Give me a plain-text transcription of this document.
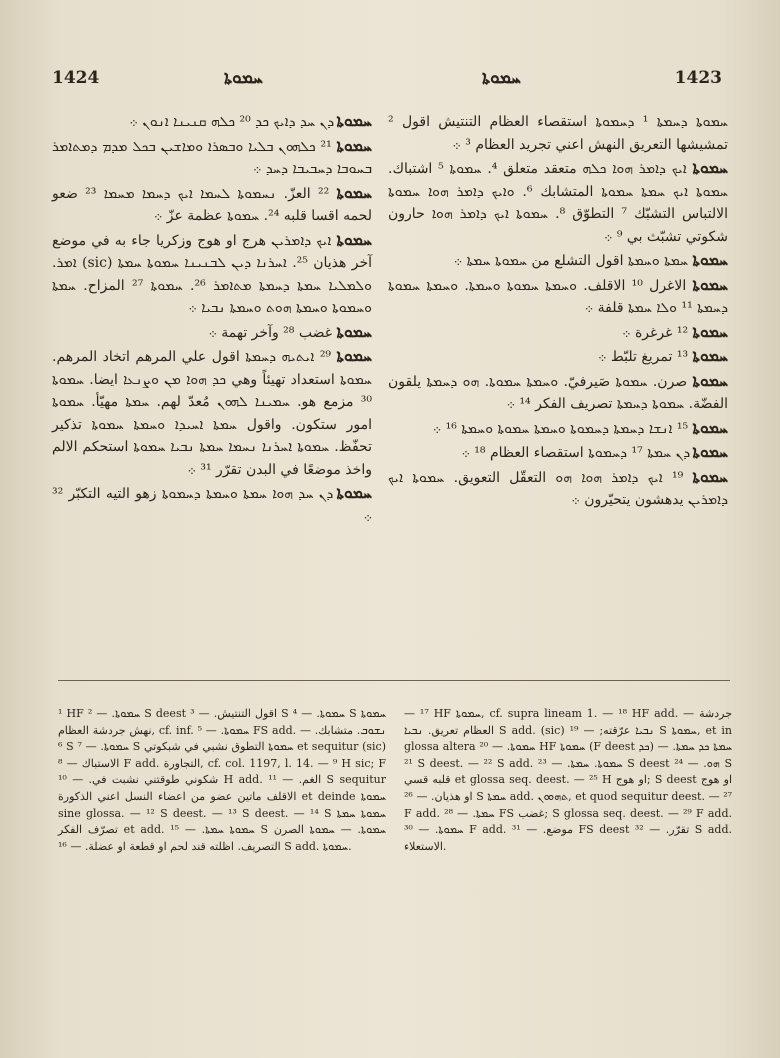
1424	ܚܡܘܬܐ	ܚܡܘܬܐ	1423

ܚܡܘܬܐ ܕܢ ܚܕ ܕܐܝܟ ܟܕ ²⁰ ܟܠܗ ܩܢܝܢܐ ܐܢܘܢ ܀

ܚܡܘܬܐ ²¹ ܟܠܗܘܢ ܒܠܝܐ ܘܒܣܪܐ ܘܡܐܫܝܢ ܒܟܠ ܡܕܡ ܕܡܬܐܡܪ ܒܚܘܒܐ ܕܚܒܝܒܐ ܕܚܕ ܀

ܚܡܘܬܐ ²² العزّ. ܢܚܡܘܬܐ ܠܚܡܐ ܐܝܟ ܕܚܡܐ ܡܚܡܐ ²³ ضعو لحمه اقسا قلبه ²⁴. ܚܡܘܬܐ عظمة عزّ ܀

ܚܡܘܬܐ ܐܝܟ ܕܐܡܪܝܢ هرج او هوج وزكريا جاء به في موضع آخر هذيان ²⁵. ܐܚܪܢܐ ܕܝܢ ܠܒܢܝܢܐ ܚܡܘܬܐ ܚܡܬܐ (sic) ܐܡܪ. ܘܠܡܠܝܐ ܚܡܬܐ ܕܚܡܬܐ ܡܬܐܡܪ ²⁶. ܚܡܘܬܐ ²⁷ المزاح. ܚܡܬܐ ܘܚܡܘܬܐ ܘܚܡܬܐ ܗܘܬ ܘܚܡܬܐ ܢܒܝܐ ܀

ܚܡܘܬܐ غضب ²⁸ وآخر تهمة ܀

ܚܡܘܬܐ ²⁹ ܐܝܬܝܗ ܕܚܡܬܐ اقول علي المرهم اتخاد المرهم. ܚܡܘܬܐ استعداد تهيئاً وهي ܟܕ ܗܘܐ ܡܢ ܘܨܢܥܐ ايضا. ܚܡܘܬܐ ³⁰ مزمع هو. ܚܡܝܢܐ ܠܗܘܢ مُعدّ لهم. ܚܡܬܐ مهيّأ. ܚܡܘܬܐ امور ستكون. واقول ܚܡܬܐ ܐܚܝܕܐ ܘܚܡܬܐ ܚܡܘܬܐ تذكير تحفّظ. ܚܡܘܬܐ ܐܚܪܢܐ ܢܚܡܐ ܚܡܬܐ ܢܒܝܐ ܚܡܘܬܐ استحكم الالم واخذ موضعًا في البدن تقرّر ³¹ ܀

ܚܡܘܬܐ ܕܢ ܚܕ ܗܘܐ ܚܡܬܐ ܘܚܡܬܐ ܕܚܡܘܬܐ زهو التيه التكبّر ³² ܀

ܚܡܘܬܐ ܕܚܡܬܐ ¹ ܕܚܡܘܬܐ استقصاء العظام التنتيش اقول ² تمشيشها التعريق النهش اعني تجريد العظام ³ ܀

ܚܡܘܬܐ ܐܝܟ ܕܐܡܪ ܗܘܐ ܟܠܗ متعقد متعلق ⁴. ܚܡܘܬܐ ⁵ اشتباك. ܚܡܘܬܐ ܐܝܟ ܚܡܬܐ ܚܡܘܬܐ المتشابك ⁶. ܘܐܝܟ ܕܐܡܪ ܗܘܐ ܚܡܘܬܐ الالتباس التشبّك ⁷ التطوّق ⁸. ܚܡܘܬܐ ܐܝܟ ܕܐܡܪ ܗܘܐ حارون شكوتي تشبّث بي ⁹ ܀

ܚܡܘܬܐ ܚܡܬܐ ܘܚܡܬܐ اقول التشلع من ܚܡܘܬܐ ܚܡܬܐ ܀

ܚܡܘܬܐ الاغرل ¹⁰ الاقلف. ܘܚܡܬܐ ܚܡܘܬܐ ܘܚܡܬܐ. ܘܚܡܬܐ ܚܡܘܬܐ ܕܚܡܬܐ ¹¹ ܘܠܐ ܚܡܬܐ قلفة ܀

ܚܡܘܬܐ ¹² غرغرة ܀

ܚܡܘܬܐ ¹³ تمريغ تلبّط ܀

ܚܡܘܬܐ صرن. ܚܡܘܬܐ صَيرفيّ. ܘܚܡܬܐ ܚܡܘܬܐ. ܗܘ ܕܚܡܬܐ يلقون الفضّة. ܚܡܘܬܐ ܕܚܡܬܐ تصريف الفكر ¹⁴ ܀

ܚܡܘܬܐ ¹⁵ ܐܢܫܐ ܕܚܡܬܐ ܕܚܡܘܬܐ ܘܚܡܬܐ ܚܡܘܬܐ ܘܚܡܬܐ ¹⁶ ܀

ܚܡܘܬܐ ܕܢ ܚܡܬܐ ¹⁷ ܕܚܡܘܬܐ استقصاء العظام ¹⁸ ܀

ܚܡܘܬܐ ¹⁹ ܐܝܟ ܕܐܡܪ ܗܘܐ ܗܘ التعقّل التعويق. ܚܡܘܬܐ ܐܝܟ ܕܐܡܪܝܢ يدهشون يتحيّرون ܀

¹ HF ܚܡܘܬܐ. — ² S deest اقول التنتيش. — ³ S ܚܡܘܬܐ. — ⁴ S ܚܡܘܬܐ نهش جردشة العظام, cf. inf. ܚܡܘܬܐ. — ⁵ FS add. ܢܫܘܒ. متشابك. — ⁶ S ܚܡܘܬܐ. — ⁷ S ܚܡܘܬܐ التطوق نشبي في شبكوتي et sequitur (sic) الاستباك — ⁸ F add. التجاورة, cf. col. 1197, l. 14. — ⁹ H sic; F شكوني طوقتني نشبت في. — ¹⁰ H add. الغم. — ¹¹ S sequitur الاقلف ماتين عضو من اعضاء النسل اعني الذكورة et deinde ܚܡܘܬܐ sine glossa. — ¹² S deest. — ¹³ S deest. — ¹⁴ S ܚܡܘܬܐ ܚܡܬܐ تصرّف الفكر et add. ܚܡܘܬܐ ܚܡܬܐ. — ¹⁵ S ܚܡܘܬܐ. — ܚܡܘܬܐ الصرن التصريف. اظلته قند لحم او قطعة او عضلة. — ¹⁶ S add. ܚܡܘܬܐ.

— ¹⁷ HF ܚܡܘܬܐ, cf. supra lineam 1. — ¹⁸ HF add. — جردشة العظام تعريق. ܢܒܝܐ S add. (sic) ܢܒܝܐ عرّقته; — ¹⁹ S ܚܡܘܬܐ, et in glossa altera ܚܡܘܬܐ. — ²⁰ HF ܚܡܘܬܐ (F deest ܟܕ) ܚܡܬܐ ܟܕ ܚܡܬܐ. — ²¹ S deest. — ²² S add. ܚܡܘܬܐ. ܚܡܬܐ. — ²³ S deest ܗܘ. — ²⁴ S قلبه قسي et glossa seq. deest. — ²⁵ H او هوج; S deest او هوج او هذيان. — ²⁶ S ܚܡܬܐ add. ܬܗܘܘܢ, et quod sequitur deest. — ²⁷ F add. ܚܡܬܐ. — ²⁸ FS غضب; S glossa seq. deest. — ²⁹ F add. ܚܡܘܬܐ. — ³⁰ F add. موضع. — ³¹ FS deest تقرّر. — ³² S add. الاستعلاء.
